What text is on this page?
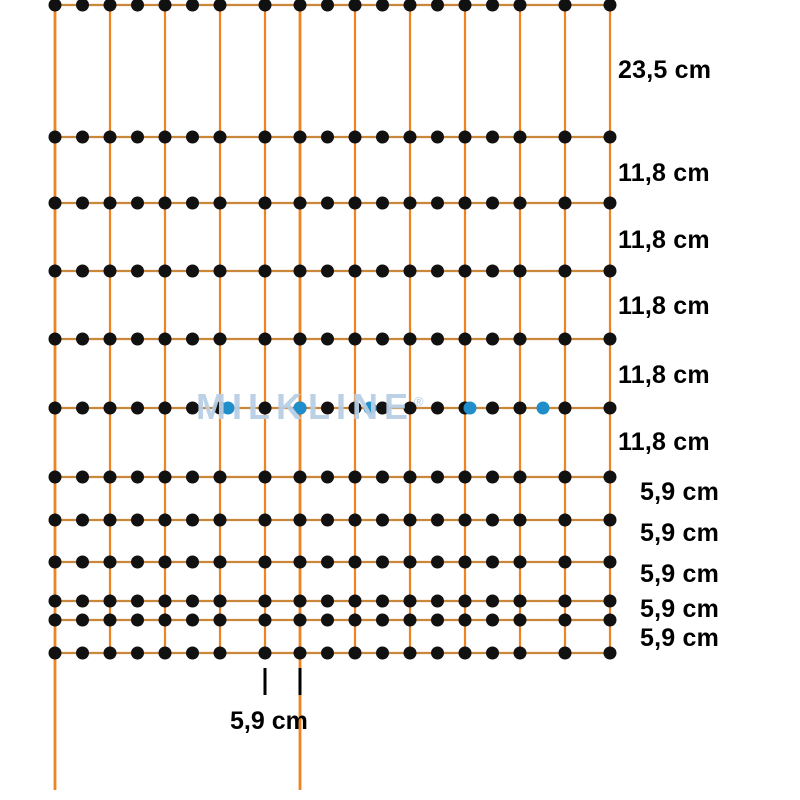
MILKLINE®
23,5 cm
11,8 cm
11,8 cm
11,8 cm
11,8 cm
11,8 cm
5,9 cm
5,9 cm
5,9 cm
5,9 cm
5,9 cm
5,9 cm
